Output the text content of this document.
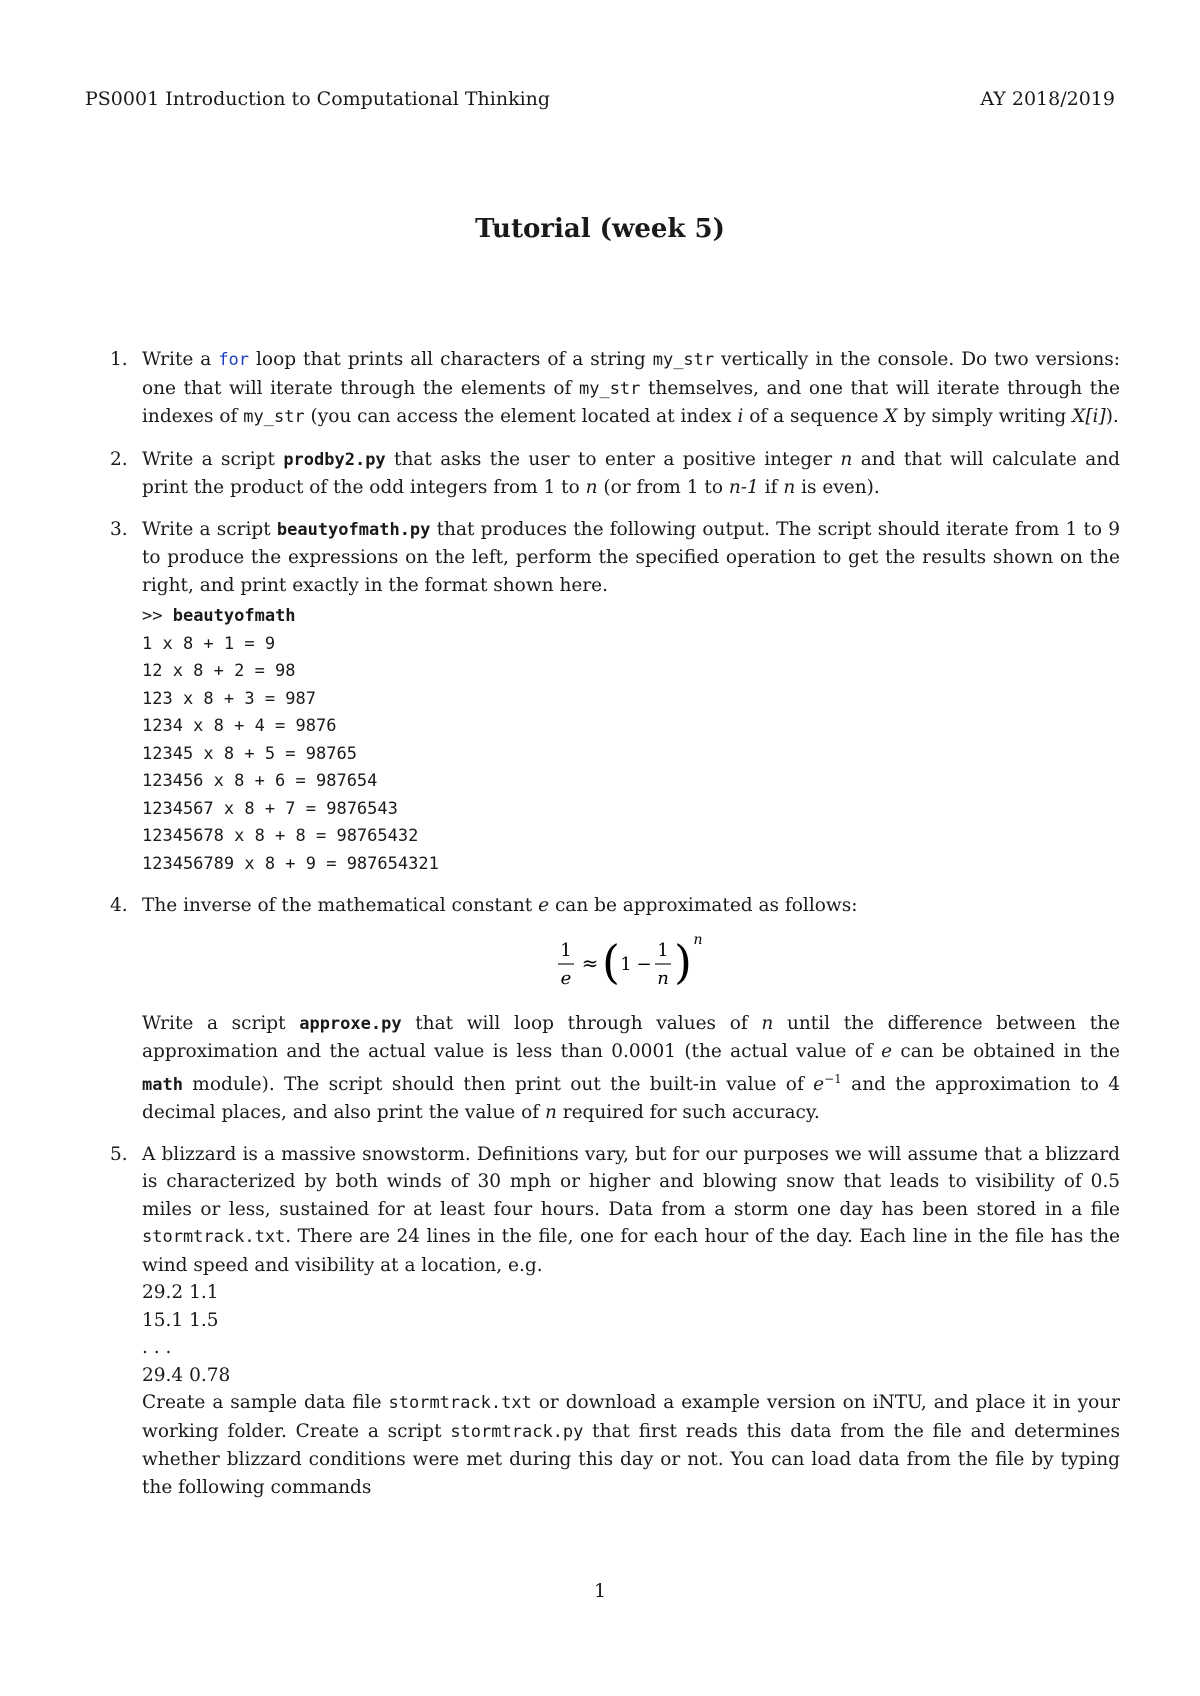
PS0001 Introduction to Computational Thinking	AY 2018/2019
Tutorial (week 5)
1. Write a for loop that prints all characters of a string my_str vertically in the console. Do two versions: one that will iterate through the elements of my_str themselves, and one that will iterate through the indexes of my_str (you can access the element located at index i of a sequence X by simply writing X[i]).
2. Write a script prodby2.py that asks the user to enter a positive integer n and that will calculate and print the product of the odd integers from 1 to n (or from 1 to n-1 if n is even).
3. Write a script beautyofmath.py that produces the following output. The script should iterate from 1 to 9 to produce the expressions on the left, perform the specified operation to get the results shown on the right, and print exactly in the format shown here.
>> beautyofmath
1 x 8 + 1 = 9
12 x 8 + 2 = 98
123 x 8 + 3 = 987
1234 x 8 + 4 = 9876
12345 x 8 + 5 = 98765
123456 x 8 + 6 = 987654
1234567 x 8 + 7 = 9876543
12345678 x 8 + 8 = 98765432
123456789 x 8 + 9 = 987654321
4. The inverse of the mathematical constant e can be approximated as follows:
1
e
≈ ( 1 −
1
n ) n
Write a script approxe.py that will loop through values of n until the difference between the approximation and the actual value is less than 0.0001 (the actual value of e can be obtained in the math module). The script should then print out the built-in value of $e^{-1}$ and the approximation to 4 decimal places, and also print the value of n required for such accuracy.
5. A blizzard is a massive snowstorm. Definitions vary, but for our purposes we will assume that a blizzard is characterized by both winds of 30 mph or higher and blowing snow that leads to visibility of 0.5 miles or less, sustained for at least four hours. Data from a storm one day has been stored in a file stormtrack.txt. There are 24 lines in the file, one for each hour of the day. Each line in the file has the wind speed and visibility at a location, e.g.
29.2 1.1
15.1 1.5
. . .
29.4 0.78
Create a sample data file stormtrack.txt or download a example version on iNTU, and place it in your working folder. Create a script stormtrack.py that first reads this data from the file and determines whether blizzard conditions were met during this day or not. You can load data from the file by typing the following commands
1
